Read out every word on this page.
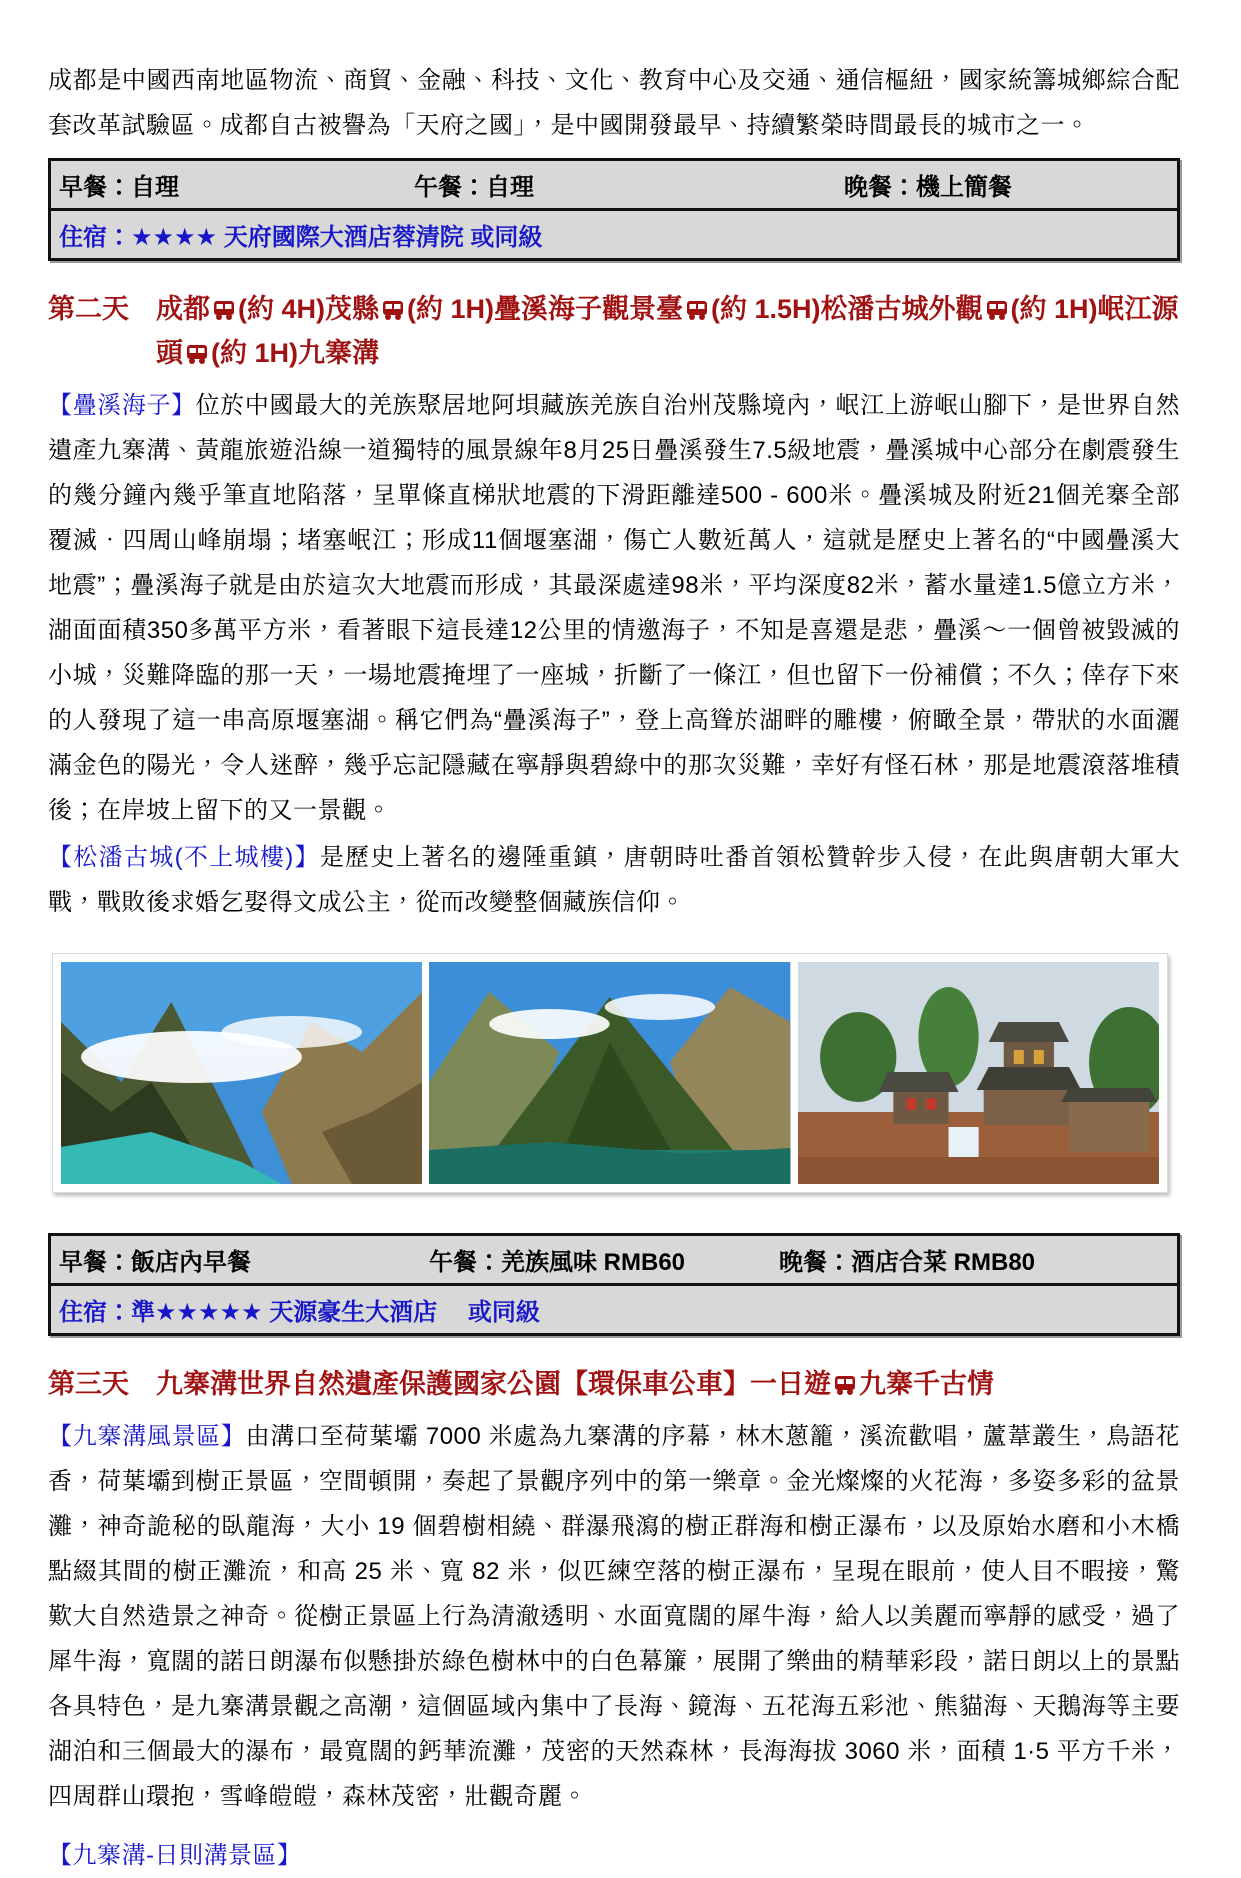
成都是中國西南地區物流、商貿、金融、科技、文化、教育中心及交通、通信樞紐，國家統籌城鄉綜合配套改革試驗區。成都自古被譽為「天府之國」，是中國開發最早、持續繁榮時間最長的城市之一。
早餐：自理	午餐：自理	晚餐：機上簡餐
住宿：★★★★ 天府國際大酒店蓉清院 或同級
第二天	成都 (約 4H)茂縣 (約 1H)疊溪海子觀景臺 (約 1.5H)松潘古城外觀 (約 1H)岷江源頭 (約 1H)九寨溝
【疊溪海子】位於中國最大的羌族聚居地阿垻藏族羌族自治州茂縣境內，岷江上游岷山腳下，是世界自然遺產九寨溝、黃龍旅遊沿線一道獨特的風景線年8月25日疊溪發生7.5級地震，疊溪城中心部分在劇震發生的幾分鐘內幾乎筆直地陷落，呈單條直梯狀地震的下滑距離達500 - 600米。疊溪城及附近21個羌寨全部覆滅．四周山峰崩塌；堵塞岷江；形成11個堰塞湖，傷亡人數近萬人，這就是歷史上著名的“中國疊溪大地震”；疊溪海子就是由於這次大地震而形成，其最深處達98米，平均深度82米，蓄水量達1.5億立方米，湖面面積350多萬平方米，看著眼下這長達12公里的情邀海子，不知是喜還是悲，疊溪～一個曾被毀滅的小城，災難降臨的那一天，一場地震掩埋了一座城，折斷了一條江，但也留下一份補償；不久；倖存下來的人發現了這一串高原堰塞湖。稱它們為“疊溪海子”，登上高聳於湖畔的雕樓，俯瞰全景，帶狀的水面灑滿金色的陽光，令人迷醉，幾乎忘記隱藏在寧靜與碧綠中的那次災難，幸好有怪石林，那是地震滾落堆積後；在岸坡上留下的又一景觀。
【松潘古城(不上城樓)】是歷史上著名的邊陲重鎮，唐朝時吐番首領松贊幹步入侵，在此與唐朝大軍大戰，戰敗後求婚乞娶得文成公主，從而改變整個藏族信仰。
早餐：飯店內早餐	午餐：羌族風味 RMB60	晚餐：酒店合菜 RMB80
住宿：準★★★★★ 天源豪生大酒店　 或同級
第三天	九寨溝世界自然遺產保護國家公園【環保車公車】一日遊 九寨千古情
【九寨溝風景區】由溝口至荷葉壩 7000 米處為九寨溝的序幕，林木蔥籠，溪流歡唱，蘆葦叢生，鳥語花香，荷葉壩到樹正景區，空間頓開，奏起了景觀序列中的第一樂章。金光燦燦的火花海，多姿多彩的盆景灘，神奇詭秘的臥龍海，大小 19 個碧樹相繞、群瀑飛瀉的樹正群海和樹正瀑布，以及原始水磨和小木橋點綴其間的樹正灘流，和高 25 米、寬 82 米，似匹練空落的樹正瀑布，呈現在眼前，使人目不暇接，驚歎大自然造景之神奇。從樹正景區上行為清澈透明、水面寬闊的犀牛海，給人以美麗而寧靜的感受，過了犀牛海，寬闊的諾日朗瀑布似懸掛於綠色樹林中的白色幕簾，展開了樂曲的精華彩段，諾日朗以上的景點各具特色，是九寨溝景觀之高潮，這個區域內集中了長海、鏡海、五花海五彩池、熊貓海、天鵝海等主要湖泊和三個最大的瀑布，最寬闊的鈣華流灘，茂密的天然森林，長海海拔 3060 米，面積 1·5 平方千米，四周群山環抱，雪峰皚皚，森林茂密，壯觀奇麗。
【九寨溝-日則溝景區】
